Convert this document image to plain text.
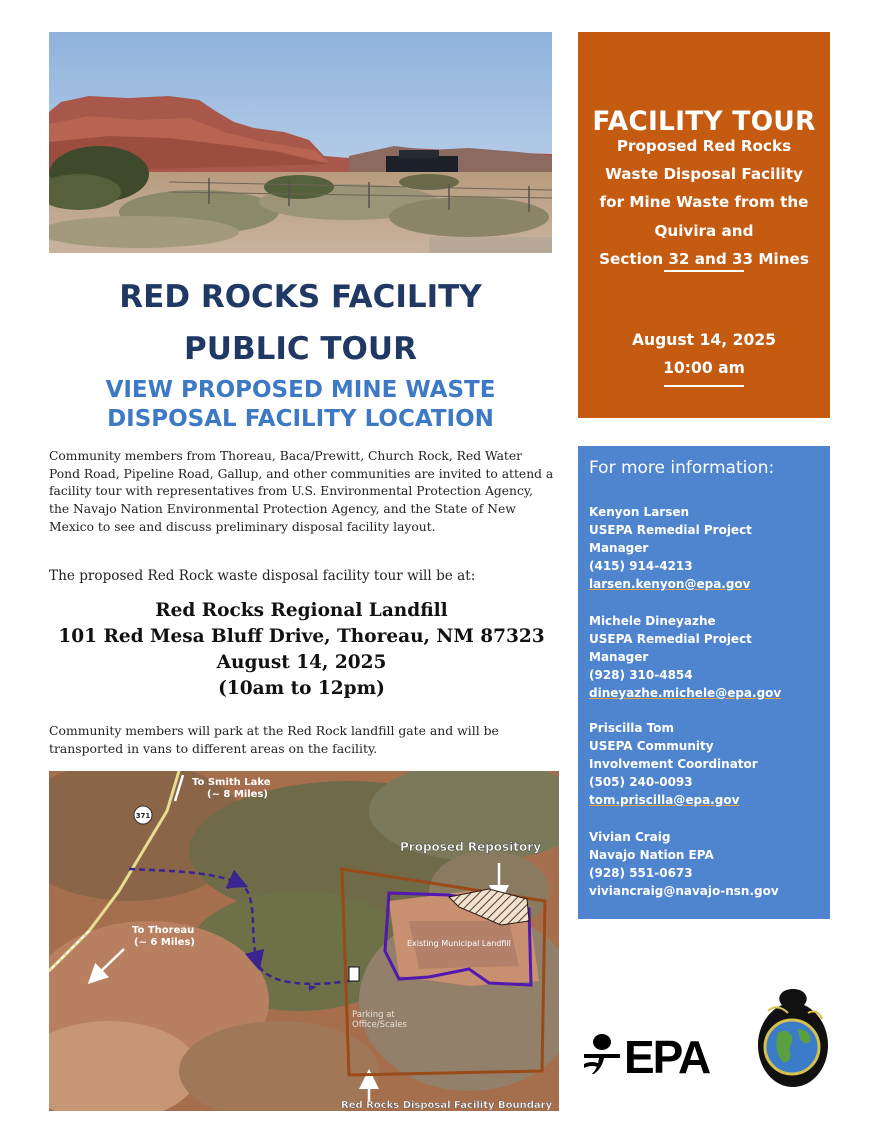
RED ROCKS FACILITY
PUBLIC TOUR
VIEW PROPOSED MINE WASTE
DISPOSAL FACILITY LOCATION

Community members from Thoreau, Baca/Prewitt, Church Rock, Red Water Pond Road, Pipeline Road, Gallup, and other communities are invited to attend a facility tour with representatives from U.S. Environmental Protection Agency, the Navajo Nation Environmental Protection Agency, and the State of New Mexico to see and discuss preliminary disposal facility layout.

The proposed Red Rock waste disposal facility tour will be at:

Red Rocks Regional Landfill
101 Red Mesa Bluff Drive, Thoreau, NM 87323
August 14, 2025
(10am to 12pm)

Community members will park at the Red Rock landfill gate and will be transported in vans to different areas on the facility.

371
To Smith Lake
(~ 8 Miles)
To Thoreau
(~ 6 Miles)
Proposed Repository
Existing Municipal Landfill
Parking at
Office/Scales
Red Rocks Disposal Facility Boundary
FACILITY TOUR
Proposed Red Rocks
Waste Disposal Facility
for Mine Waste from the
Quivira and
Section 32 and 33 Mines
August 14, 2025
10:00 am
For more information:
Kenyon Larsen
USEPA Remedial Project
Manager
(415) 914-4213
larsen.kenyon@epa.gov
Michele Dineyazhe
USEPA Remedial Project
Manager
(928) 310-4854
dineyazhe.michele@epa.gov
Priscilla Tom
USEPA Community
Involvement Coordinator
(505) 240-0093
tom.priscilla@epa.gov
Vivian Craig
Navajo Nation EPA
(928) 551-0673
viviancraig@navajo-nsn.gov
EPA
